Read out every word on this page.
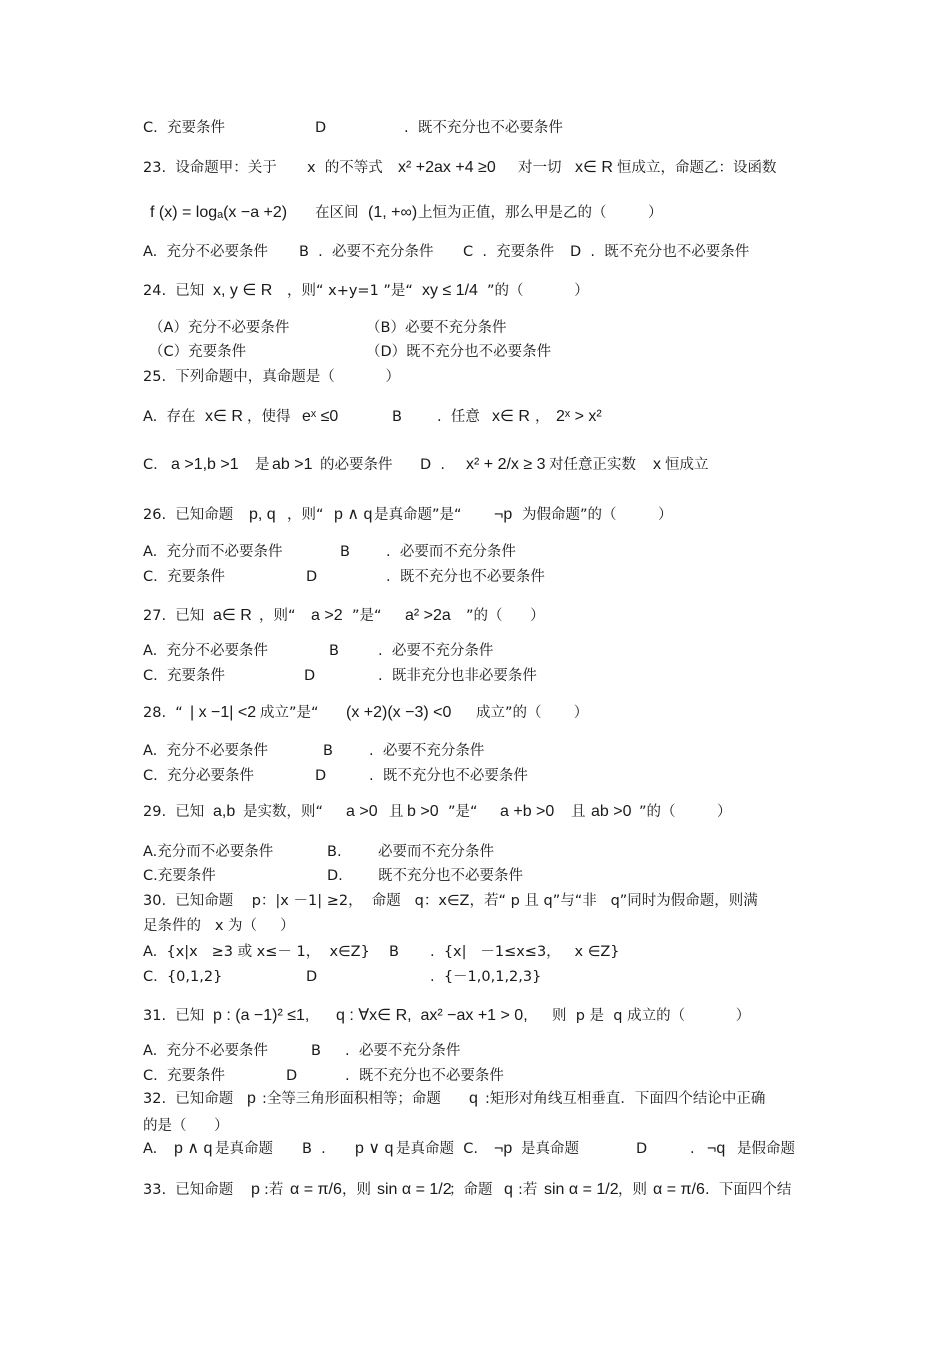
C.  充要条件	D	.  既不充分也不必要条件
23.  设命题甲：关于 x  的不等式 x² +2ax +4 ≥0 对一切 x∈ R 恒成立，命题乙：设函数
f (x) = logₐ(x −a +2) 在区间 (1, +∞) 上恒为正值，那么甲是乙的（         ）
A.  充分不必要条件 B  .  必要不充分条件 C  .  充要条件 D  .  既不充分也不必要条件
24.  已知 x, y ∈ R ，则“ x+y=1 ”是“ xy ≤ 1/4 ”的（           ）
（A）充分不必要条件	（B）必要不充分条件
（C）充要条件	（D）既不充分也不必要条件
25.  下列命题中，真命题是（           ）
A.  存在 x∈ R ，使得 eˣ ≤0	B .  任意 x∈ R ， 2ˣ > x²
C. a >1,b >1 是 ab >1 的必要条件 D  . x² + 2/x ≥ 3 对任意正实数 x 恒成立
26.  已知命题 p, q ，则“ p ∧ q 是真命题”是“ ¬p 为假命题”的（         ）
A.  充分而不必要条件	B .  必要而不充分条件
C.  充要条件	D	.  既不充分也不必要条件
27.  已知 a∈ R ，则“ a >2 ”是“ a² >2a ”的（      ）
A.  充分不必要条件	B	.  必要不充分条件
C.  充要条件	D	.  既非充分也非必要条件
28.  “ | x −1| <2 成立”是“ (x +2)(x −3) <0 成立”的（       ）
A.  充分不必要条件	B .  必要不充分条件
C.  充分必要条件	D	.  既不充分也不必要条件
29.  已知 a,b 是实数，则“ a >0 且 b >0 ”是“ a +b >0 且 ab >0 ”的（         ）
A.充分而不必要条件	B.	必要而不充分条件
C.充要条件	D. 既不充分也不必要条件
30.  已知命题    p：|x －1| ≥2，  命题   q：x∈Z，若“ p 且 q”与“非   q”同时为假命题，则满
足条件的   x 为（     ）
A.  {x|x   ≥3 或 x≤－ 1，  x∈Z} B .  {x|   －1≤x≤3，   x ∈Z}
C.  {0,1,2}	D	.  {－1,0,1,2,3}
31.  已知 p : (a −1)² ≤1, q : ∀x∈ R,  ax² −ax +1 > 0, 则  p 是  q 成立的（           ）
A.  充分不必要条件	B .  必要不充分条件
C.  充要条件	D	.  既不充分也不必要条件
32.  已知命题 p :全等三角形面积相等；命题 q :矩形对角线互相垂直．下面四个结论中正确
的是（      ）
A. p ∧ q 是真命题 B  . p ∨ q 是真命题  C. ¬p 是真命题	D	. ¬q 是假命题
33.  已知命题 p :若 α = π/6 ，则 sin α = 1/2
；命题 q :若 sin α = 1/2 ，则 α = π/6 .  下面四个结
